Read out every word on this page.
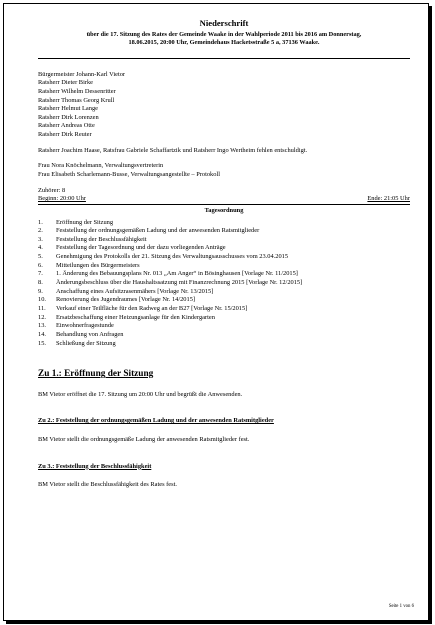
Niederschrift

über die 17. Sitzung des Rates der Gemeinde Waake in der Wahlperiode 2011 bis 2016 am Donnerstag,
18.06.2015, 20:00 Uhr, Gemeindehaus Hacketsstraße 5 a, 37136 Waake.

Bürgermeister Johann-Karl Vietor

Ratsherr Dieter Birke

Ratsherr Wilhelm Dessenritter

Ratsherr Thomas Georg Krull

Ratsherr Helmut Lange

Ratsherr Dirk Lorenzen

Ratsherr Andreas Otte

Ratsherr Dirk Reuter

Ratsherr Joachim Haase, Ratsfrau Gabriele Schaffartzik und Ratsherr Ingo Wertheim fehlen entschuldigt.

Frau Nora Knöchelmann, Verwaltungsvertreterin

Frau Elisabeth Scharlemann-Busse, Verwaltungsangestellte – Protokoll

Zuhörer: 8

Beginn: 20:00 Uhr	Ende: 21:05 Uhr

Tagesordnung

1.	Eröffnung der Sitzung
2.	Feststellung der ordnungsgemäßen Ladung und der anwesenden Ratsmitglieder
3.	Feststellung der Beschlussfähigkeit
4.	Feststellung der Tagesordnung und der dazu vorliegenden Anträge
5.	Genehmigung des Protokolls der 21. Sitzung des Verwaltungsausschusses vom 23.04.2015
6.	Mitteilungen des Bürgermeisters
7.	1. Änderung des Bebauungsplans Nr. 013 „Am Anger“ in Bösinghausen [Vorlage Nr. 11/2015]
8.	Änderungsbeschluss über die Haushaltssatzung mit Finanzrechnung 2015 [Vorlage Nr. 12/2015]
9.	Anschaffung eines Aufsitzrasenmähers [Vorlage Nr. 13/2015]
10.	Renovierung des Jugendraumes [Vorlage Nr. 14/2015]
11.	Verkauf einer Teilfläche für den Radweg an der B27 [Vorlage Nr. 15/2015]
12.	Ersatzbeschaffung einer Heizungsanlage für den Kindergarten
13.	Einwohnerfragestunde
14.	Behandlung von Anfragen
15.	Schließung der Sitzung

Zu 1.: Eröffnung der Sitzung

BM Vietor eröffnet die 17. Sitzung um 20:00 Uhr und begrüßt die Anwesenden.

Zu 2.: Feststellung der ordnungsgemäßen Ladung und der anwesenden Ratsmitglieder

BM Vietor stellt die ordnungsgemäße Ladung der anwesenden Ratsmitglieder fest.

Zu 3.: Feststellung der Beschlussfähigkeit

BM Vietor stellt die Beschlussfähigkeit des Rates fest.

Seite 1 von 6
